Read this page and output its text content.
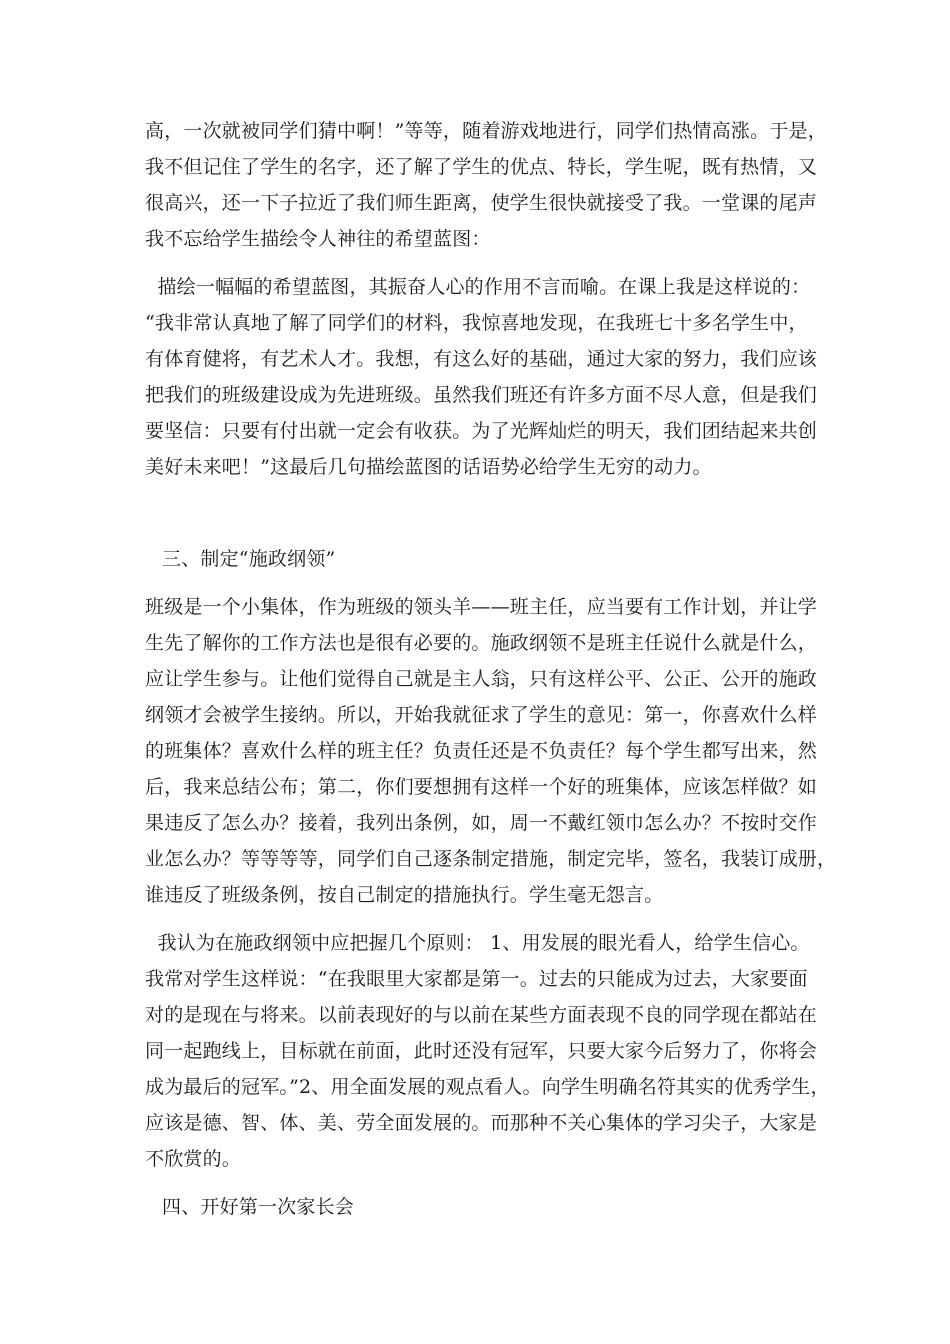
高，一次就被同学们猜中啊！”等等，随着游戏地进行，同学们热情高涨。于是，
我不但记住了学生的名字，还了解了学生的优点、特长，学生呢，既有热情，又
很高兴，还一下子拉近了我们师生距离，使学生很快就接受了我。一堂课的尾声
我不忘给学生描绘令人神往的希望蓝图：
描绘一幅幅的希望蓝图，其振奋人心的作用不言而喻。在课上我是这样说的：
“我非常认真地了解了同学们的材料，我惊喜地发现，在我班七十多名学生中，
有体育健将，有艺术人才。我想，有这么好的基础，通过大家的努力，我们应该
把我们的班级建设成为先进班级。虽然我们班还有许多方面不尽人意，但是我们
要坚信：只要有付出就一定会有收获。为了光辉灿烂的明天，我们团结起来共创
美好未来吧！”这最后几句描绘蓝图的话语势必给学生无穷的动力。
三、制定“施政纲领”
班级是一个小集体，作为班级的领头羊——班主任，应当要有工作计划，并让学
生先了解你的工作方法也是很有必要的。施政纲领不是班主任说什么就是什么，
应让学生参与。让他们觉得自己就是主人翁，只有这样公平、公正、公开的施政
纲领才会被学生接纳。所以，开始我就征求了学生的意见：第一，你喜欢什么样
的班集体？喜欢什么样的班主任？负责任还是不负责任？每个学生都写出来，然
后，我来总结公布；第二，你们要想拥有这样一个好的班集体，应该怎样做？如
果违反了怎么办？接着，我列出条例，如，周一不戴红领巾怎么办？不按时交作
业怎么办？等等等等，同学们自己逐条制定措施，制定完毕，签名，我装订成册，
谁违反了班级条例，按自己制定的措施执行。学生毫无怨言。
我认为在施政纲领中应把握几个原则： 1、用发展的眼光看人，给学生信心。
我常对学生这样说：“在我眼里大家都是第一。过去的只能成为过去，大家要面
对的是现在与将来。以前表现好的与以前在某些方面表现不良的同学现在都站在
同一起跑线上，目标就在前面，此时还没有冠军，只要大家今后努力了，你将会
成为最后的冠军。”2、用全面发展的观点看人。向学生明确名符其实的优秀学生，
应该是德、智、体、美、劳全面发展的。而那种不关心集体的学习尖子，大家是
不欣赏的。
四、开好第一次家长会
